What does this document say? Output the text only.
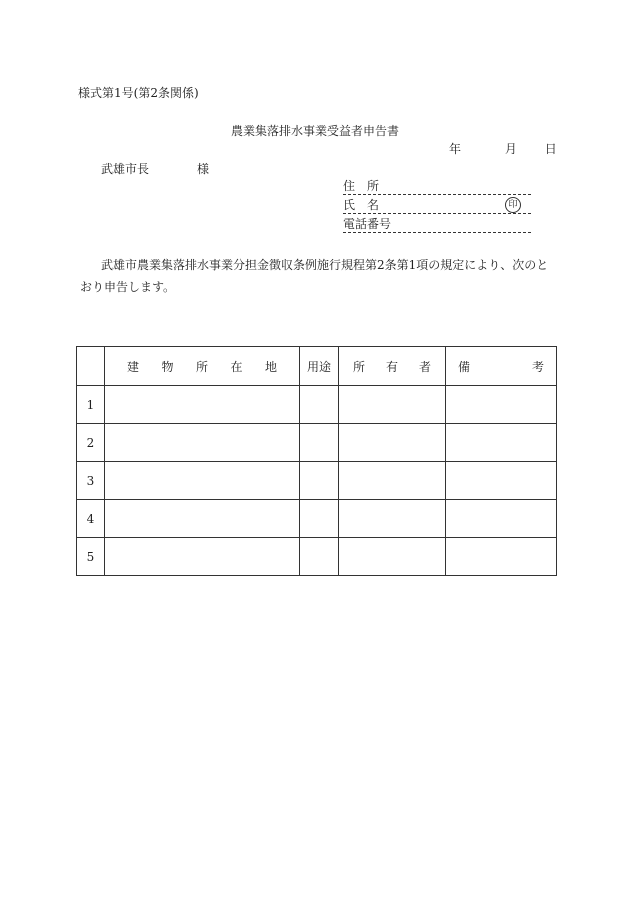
様式第1号(第2条関係)
農業集落排水事業受益者申告書
年	月 日
武雄市長	様
住 所
氏 名	印
電話番号
武雄市農業集落排水事業分担金徴収条例施行規程第2条第1項の規定により、次のとおり申告します。

	建 物 所 在 地	用途	所 有 者	備 考

1				
2				
3				
4				
5				
